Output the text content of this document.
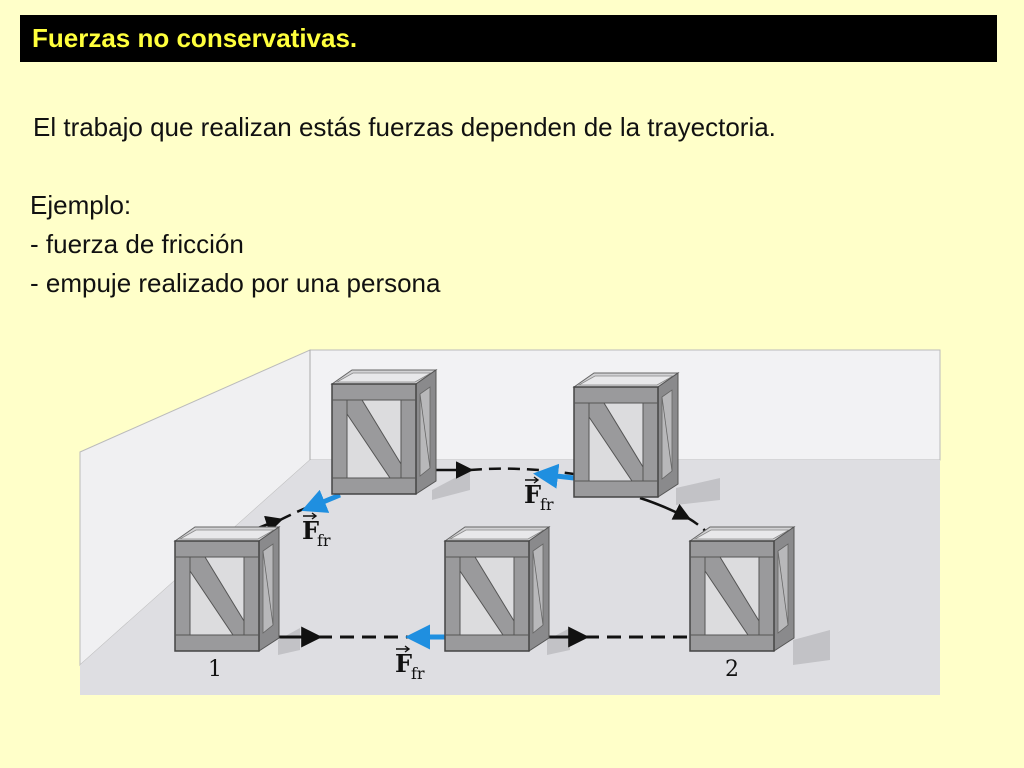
Fuerzas no conservativas.
El trabajo que realizan estás fuerzas dependen de la trayectoria.
Ejemplo:
- fuerza de fricción
- empuje realizado por una persona
F
fr
F
fr
F
fr
1	2
